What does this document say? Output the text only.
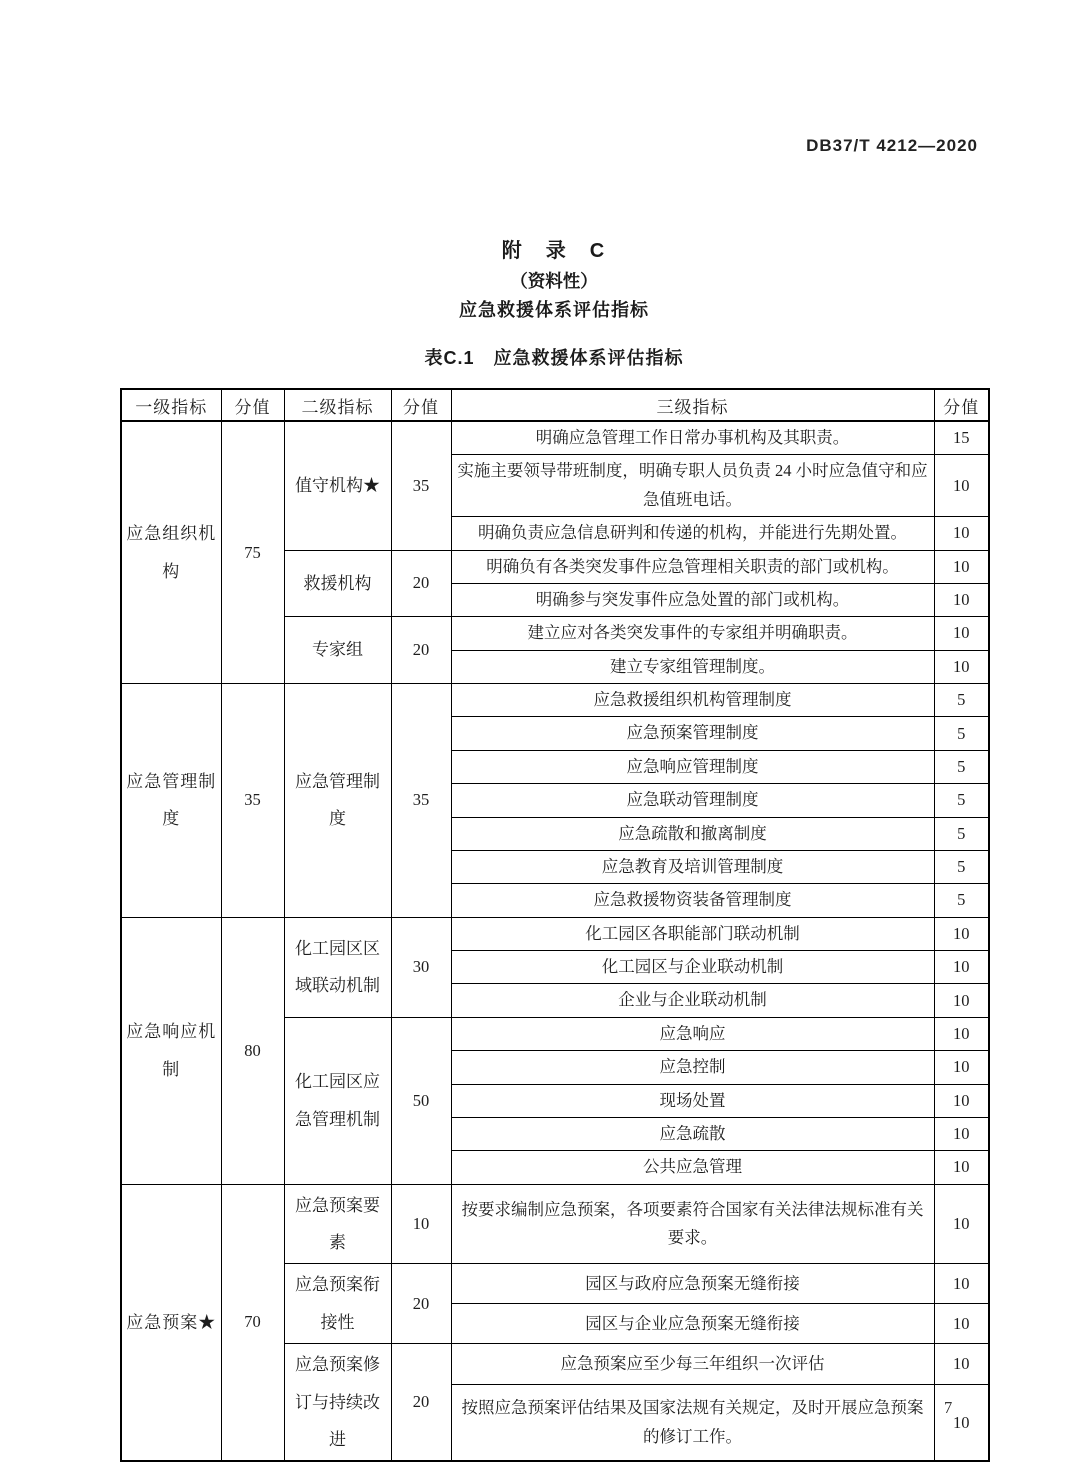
DB37/T 4212—2020
附　录　C
（资料性）
应急救援体系评估指标
表C.1　应急救援体系评估指标
一级指标	分值	二级指标	分值	三级指标	分值
应急组织机构	75	值守机构★	35	明确应急管理工作日常办事机构及其职责。	15
				实施主要领导带班制度，明确专职人员负责 24 小时应急值守和应急值班电话。	10
				明确负责应急信息研判和传递的机构，并能进行先期处置。	10
		救援机构	20	明确负有各类突发事件应急管理相关职责的部门或机构。	10
				明确参与突发事件应急处置的部门或机构。	10
		专家组	20	建立应对各类突发事件的专家组并明确职责。	10
				建立专家组管理制度。	10
应急管理制度	35	应急管理制度	35	应急救援组织机构管理制度	5
				应急预案管理制度	5
				应急响应管理制度	5
				应急联动管理制度	5
				应急疏散和撤离制度	5
				应急教育及培训管理制度	5
				应急救援物资装备管理制度	5
应急响应机制	80	化工园区区域联动机制	30	化工园区各职能部门联动机制	10
				化工园区与企业联动机制	10
				企业与企业联动机制	10
		化工园区应急管理机制	50	应急响应	10
				应急控制	10
				现场处置	10
				应急疏散	10
				公共应急管理	10
应急预案★	70	应急预案要素	10	按要求编制应急预案，各项要素符合国家有关法律法规标准有关要求。	10
		应急预案衔接性	20	园区与政府应急预案无缝衔接	10
				园区与企业应急预案无缝衔接	10
		应急预案修订与持续改进	20	应急预案应至少每三年组织一次评估	10
				按照应急预案评估结果及国家法规有关规定，及时开展应急预案的修订工作。	10
7
